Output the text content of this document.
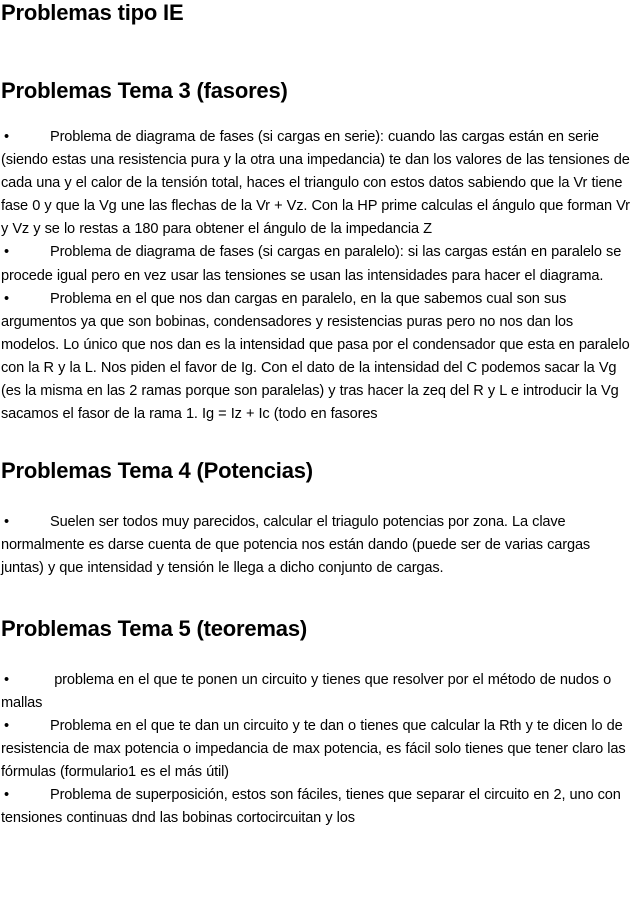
Problemas tipo IE
Problemas Tema 3 (fasores)
•	Problema de diagrama de fases (si cargas en serie): cuando las cargas están en serie (siendo estas una resistencia pura y la otra una impedancia) te dan los valores de las tensiones de cada una y el calor de la tensión total, haces el triangulo con estos datos sabiendo que la Vr tiene fase 0 y que la Vg une las flechas de la Vr + Vz. Con la HP prime calculas el ángulo que forman Vr y Vz y se lo restas a 180 para obtener el ángulo de la impedancia Z
•	Problema de diagrama de fases (si cargas en paralelo): si las cargas están en paralelo se procede igual pero en vez usar las tensiones se usan las intensidades para hacer el diagrama.
•	Problema en el que nos dan cargas en paralelo, en la que sabemos cual son sus argumentos ya que son bobinas, condensadores y resistencias puras pero no nos dan los modelos. Lo único que nos dan es la intensidad que pasa por el condensador que esta en paralelo con la R y la L. Nos piden el favor de Ig. Con el dato de la intensidad del C podemos sacar la Vg (es la misma en las 2 ramas porque son paralelas) y tras hacer la zeq del R y L e introducir la Vg sacamos el fasor de la rama 1. Ig = Iz + Ic (todo en fasores
Problemas Tema 4 (Potencias)
•	Suelen ser todos muy parecidos, calcular el triagulo potencias por zona. La clave normalmente es darse cuenta de que potencia nos están dando (puede ser de varias cargas juntas) y que intensidad y tensión le llega a dicho conjunto de cargas.
Problemas Tema 5 (teoremas)
•	problema en el que te ponen un circuito y tienes que resolver por el método de nudos o mallas
•	Problema en el que te dan un circuito y te dan o tienes que calcular la Rth y te dicen lo de resistencia de max potencia o impedancia de max potencia, es fácil solo tienes que tener claro las fórmulas (formulario1 es el más útil)
•	Problema de superposición, estos son fáciles, tienes que separar el circuito en 2, uno con tensiones continuas dnd las bobinas cortocircuitan y los
